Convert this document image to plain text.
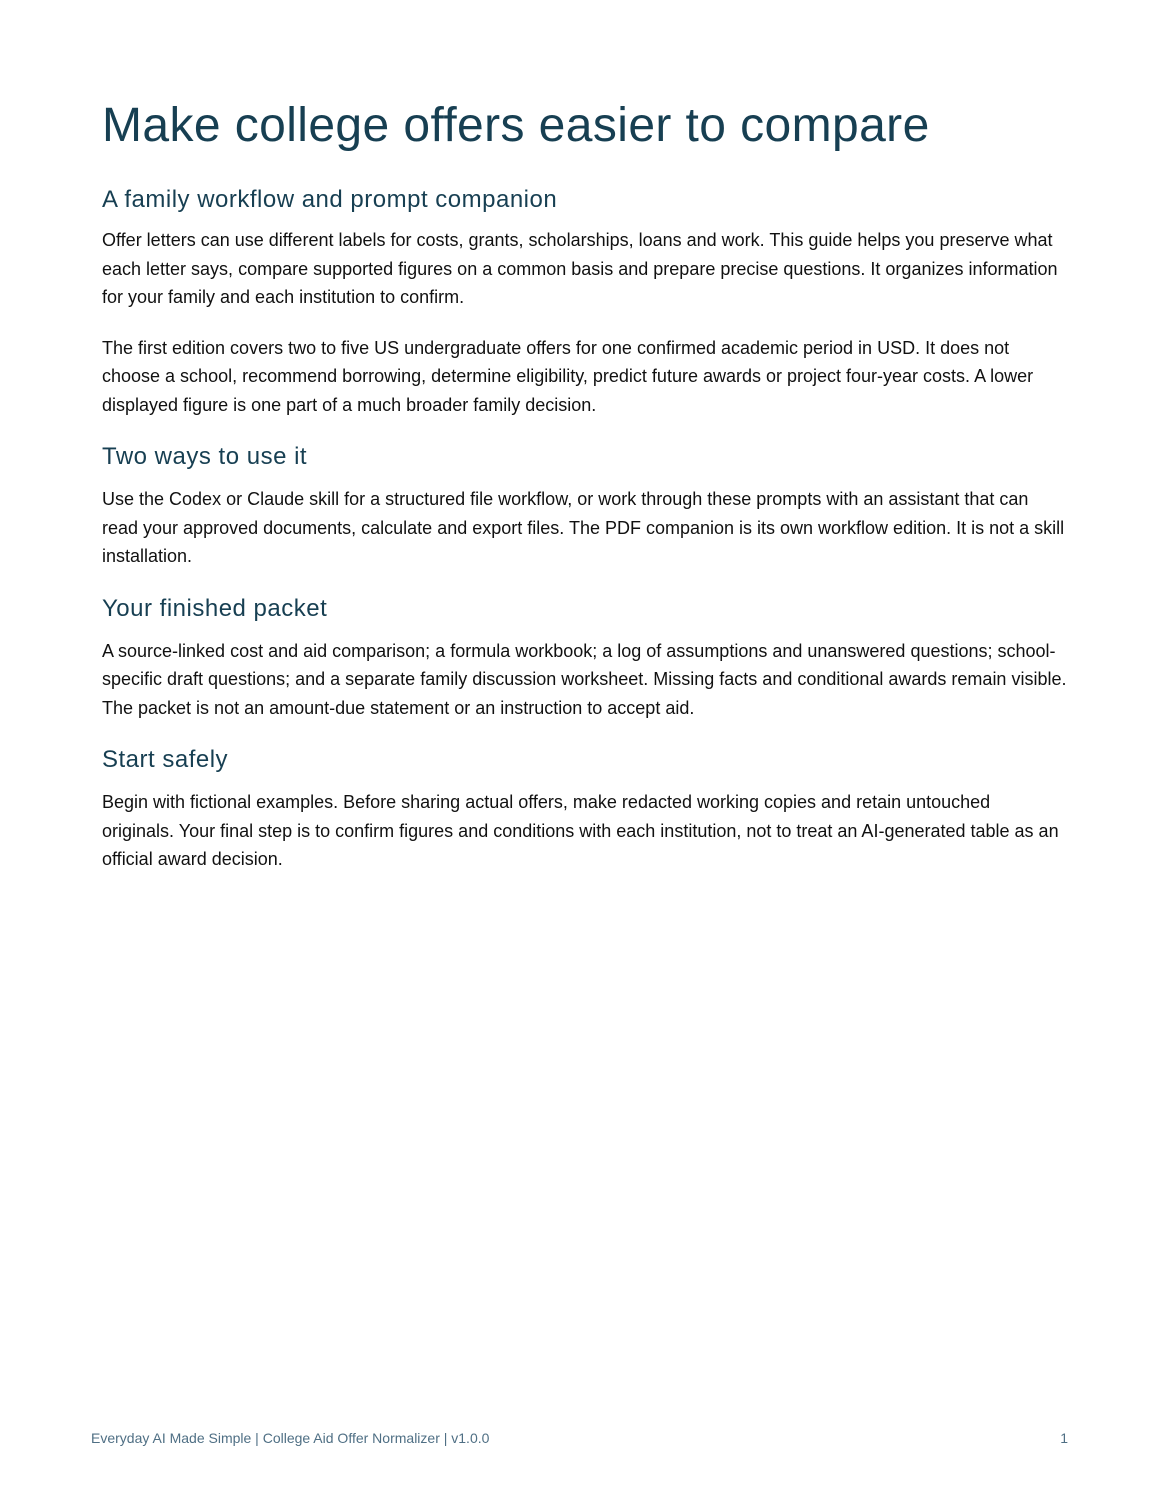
Make college offers easier to compare
A family workflow and prompt companion

Offer letters can use different labels for costs, grants, scholarships, loans and work. This guide helps you preserve what each letter says, compare supported figures on a common basis and prepare precise questions. It organizes information for your family and each institution to confirm.

The first edition covers two to five US undergraduate offers for one confirmed academic period in USD. It does not choose a school, recommend borrowing, determine eligibility, predict future awards or project four-year costs. A lower displayed figure is one part of a much broader family decision.

Two ways to use it

Use the Codex or Claude skill for a structured file workflow, or work through these prompts with an assistant that can read your approved documents, calculate and export files. The PDF companion is its own workflow edition. It is not a skill installation.

Your finished packet

A source-linked cost and aid comparison; a formula workbook; a log of assumptions and unanswered questions; school-specific draft questions; and a separate family discussion worksheet. Missing facts and conditional awards remain visible. The packet is not an amount-due statement or an instruction to accept aid.

Start safely

Begin with fictional examples. Before sharing actual offers, make redacted working copies and retain untouched originals. Your final step is to confirm figures and conditions with each institution, not to treat an AI-generated table as an official award decision.

Everyday AI Made Simple | College Aid Offer Normalizer | v1.0.0	1
